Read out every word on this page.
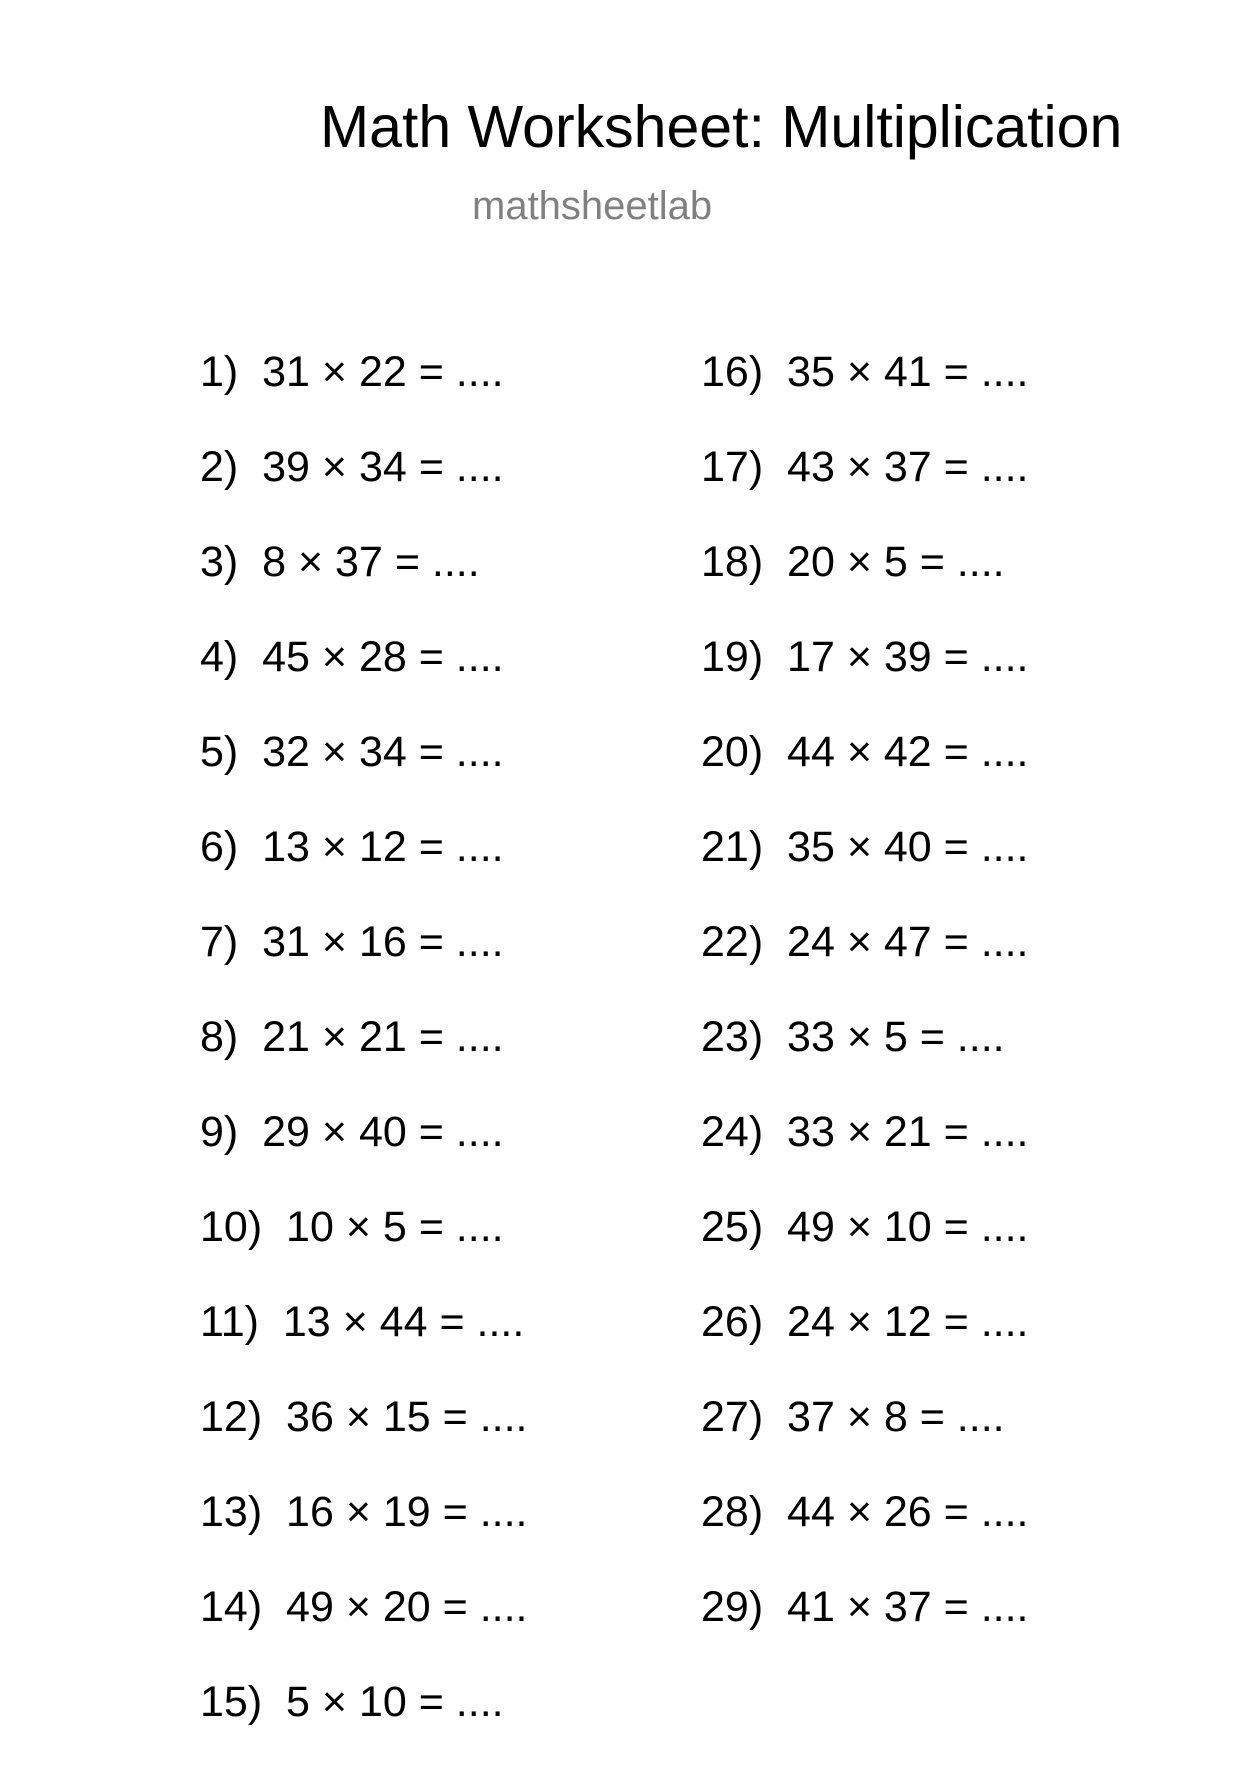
Math Worksheet: Multiplication
mathsheetlab
1)  31 × 22 = ....
2)  39 × 34 = ....
3)  8 × 37 = ....
4)  45 × 28 = ....
5)  32 × 34 = ....
6)  13 × 12 = ....
7)  31 × 16 = ....
8)  21 × 21 = ....
9)  29 × 40 = ....
10)  10 × 5 = ....
11)  13 × 44 = ....
12)  36 × 15 = ....
13)  16 × 19 = ....
14)  49 × 20 = ....
15)  5 × 10 = ....
16)  35 × 41 = ....
17)  43 × 37 = ....
18)  20 × 5 = ....
19)  17 × 39 = ....
20)  44 × 42 = ....
21)  35 × 40 = ....
22)  24 × 47 = ....
23)  33 × 5 = ....
24)  33 × 21 = ....
25)  49 × 10 = ....
26)  24 × 12 = ....
27)  37 × 8 = ....
28)  44 × 26 = ....
29)  41 × 37 = ....
